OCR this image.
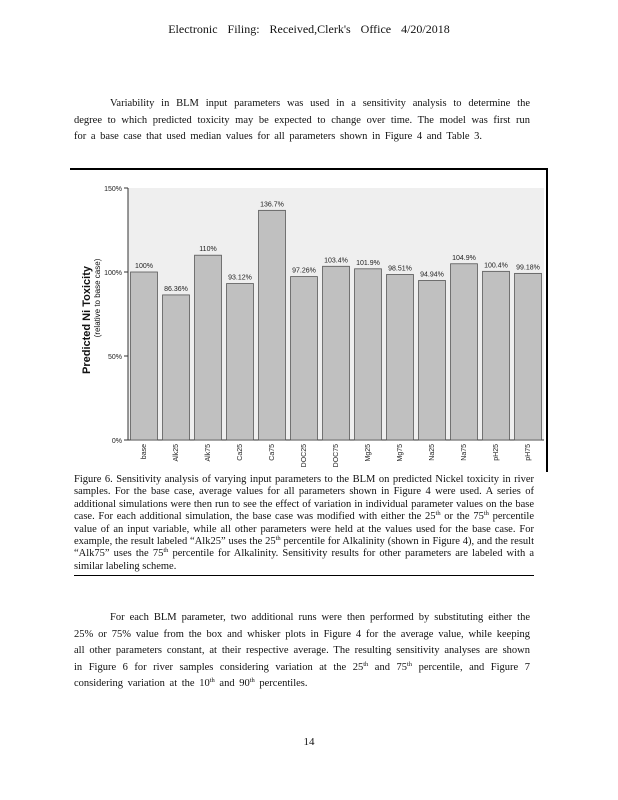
Electronic Filing: Received,Clerk's Office 4/20/2018

Variability in BLM input parameters was used in a sensitivity analysis to determine the degree to which predicted toxicity may be expected to change over time. The model was first run for a base case that used median values for all parameters shown in Figure 4 and Table 3.

0%
50%
100%
150%
100%
base
86.36%
Alk25
110%
Alk75
93.12%
Ca25
136.7%
Ca75
97.26%
DOC25
103.4%
DOC75
101.9%
Mg25
98.51%
Mg75
94.94%
Na25
104.9%
Na75
100.4%
pH25
99.18%
pH75
Predicted Ni Toxicity (relative to base case)

Figure 6. Sensitivity analysis of varying input parameters to the BLM on predicted Nickel toxicity in river samples. For the base case, average values for all parameters shown in Figure 4 were used. A series of additional simulations were then run to see the effect of variation in individual parameter values on the base case. For each additional simulation, the base case was modified with either the 25th or the 75th percentile value of an input variable, while all other parameters were held at the values used for the base case. For example, the result labeled “Alk25” uses the 25th percentile for Alkalinity (shown in Figure 4), and the result “Alk75” uses the 75th percentile for Alkalinity. Sensitivity results for other parameters are labeled with a similar labeling scheme.

For each BLM parameter, two additional runs were then performed by substituting either the 25% or 75% value from the box and whisker plots in Figure 4 for the average value, while keeping all other parameters constant, at their respective average. The resulting sensitivity analyses are shown in Figure 6 for river samples considering variation at the 25th and 75th percentile, and Figure 7 considering variation at the 10th and 90th percentiles.

14
